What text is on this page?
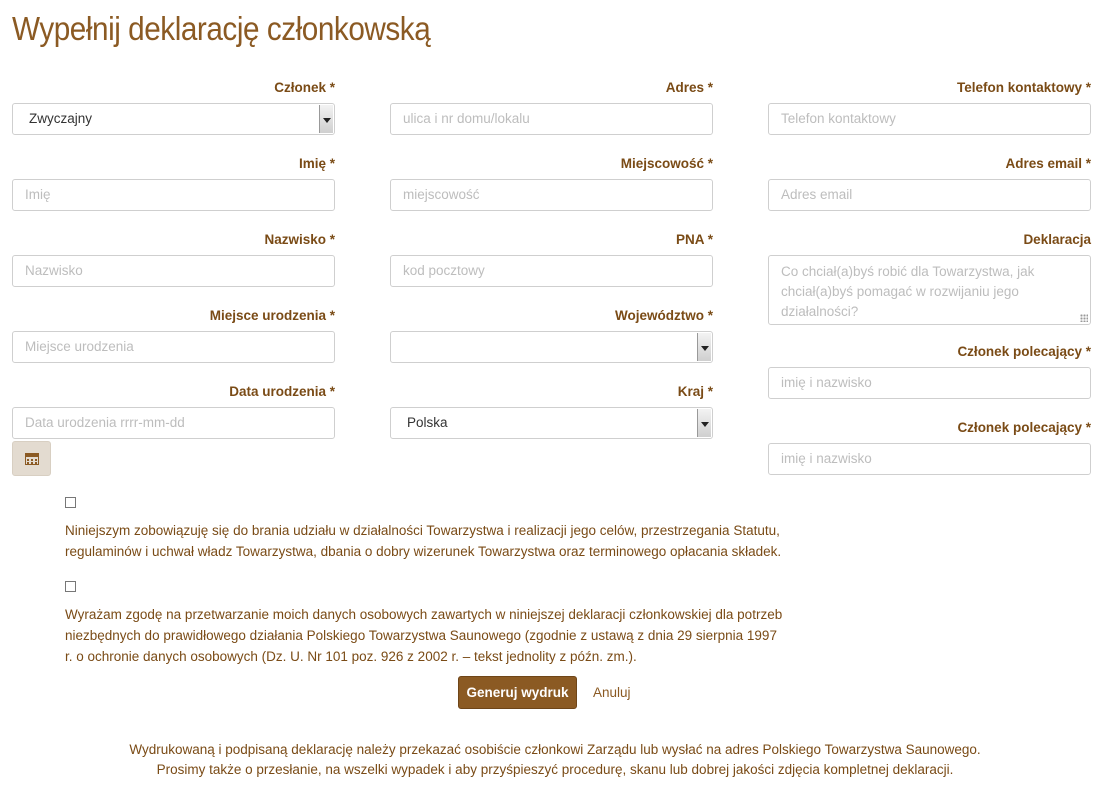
Wypełnij deklarację członkowską
Członek *
Zwyczajny
Imię *
Imię
Nazwisko *
Nazwisko
Miejsce urodzenia *
Miejsce urodzenia
Data urodzenia *
Data urodzenia rrrr-mm-dd
Adres *
ulica i nr domu/lokalu
Miejscowość *
miejscowość
PNA *
kod pocztowy
Województwo *
Kraj *
Polska
Telefon kontaktowy *
Telefon kontaktowy
Adres email *
Adres email
Deklaracja
Co chciał(a)byś robić dla Towarzystwa, jak chciał(a)byś pomagać w rozwijaniu jego działalności?
Członek polecający *
imię i nazwisko
Członek polecający *
imię i nazwisko
Niniejszym zobowiązuję się do brania udziału w działalności Towarzystwa i realizacji jego celów, przestrzegania Statutu, regulaminów i uchwał władz Towarzystwa, dbania o dobry wizerunek Towarzystwa oraz terminowego opłacania składek.
Wyrażam zgodę na przetwarzanie moich danych osobowych zawartych w niniejszej deklaracji członkowskiej dla potrzeb niezbędnych do prawidłowego działania Polskiego Towarzystwa Saunowego (zgodnie z ustawą z dnia 29 sierpnia 1997 r. o ochronie danych osobowych (Dz. U. Nr 101 poz. 926 z 2002 r. – tekst jednolity z późn. zm.).
Generuj wydruk	Anuluj
Wydrukowaną i podpisaną deklarację należy przekazać osobiście członkowi Zarządu lub wysłać na adres Polskiego Towarzystwa Saunowego.
Prosimy także o przesłanie, na wszelki wypadek i aby przyśpieszyć procedurę, skanu lub dobrej jakości zdjęcia kompletnej deklaracji.
